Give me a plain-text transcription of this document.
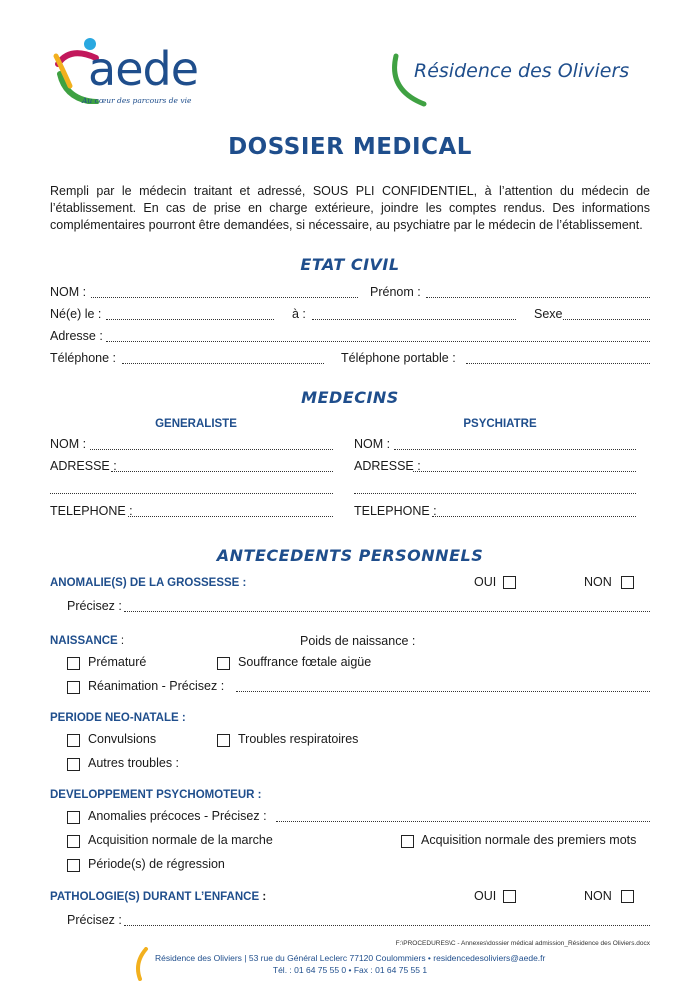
aede
Au cœur des parcours de vie
Résidence des Oliviers
DOSSIER MEDICAL
Rempli par le médecin traitant et adressé, SOUS PLI CONFIDENTIEL, à l’attention du médecin de l’établissement. En cas de prise en charge extérieure, joindre les comptes rendus. Des informations complémentaires pourront être demandées, si nécessaire, au psychiatre par le médecin de l’établissement.
ETAT CIVIL
NOM :	Prénom :
Né(e) le :	à :	Sexe
Adresse :
Téléphone :	Téléphone portable :
MEDECINS
GENERALISTE	PSYCHIATRE
NOM :	NOM :
ADRESSE :	ADRESSE :
TELEPHONE :	TELEPHONE :
ANTECEDENTS PERSONNELS
ANOMALIE(S) DE LA GROSSESSE :	OUI	NON
Précisez :
NAISSANCE :	Poids de naissance :
Prématuré	Souffrance fœtale aigüe
Réanimation - Précisez :
PERIODE NEO-NATALE :
Convulsions	Troubles respiratoires
Autres troubles :
DEVELOPPEMENT PSYCHOMOTEUR :
Anomalies précoces - Précisez :
Acquisition normale de la marche	Acquisition normale des premiers mots
Période(s) de régression
PATHOLOGIE(S) DURANT L’ENFANCE :	OUI	NON
Précisez :
F:\PROCEDURES\C - Annexes\dossier médical admission_Résidence des Oliviers.docx
Résidence des Oliviers | 53 rue du Général Leclerc 77120 Coulommiers • residencedesoliviers@aede.fr
Tél. : 01 64 75 55 0 • Fax : 01 64 75 55 1
